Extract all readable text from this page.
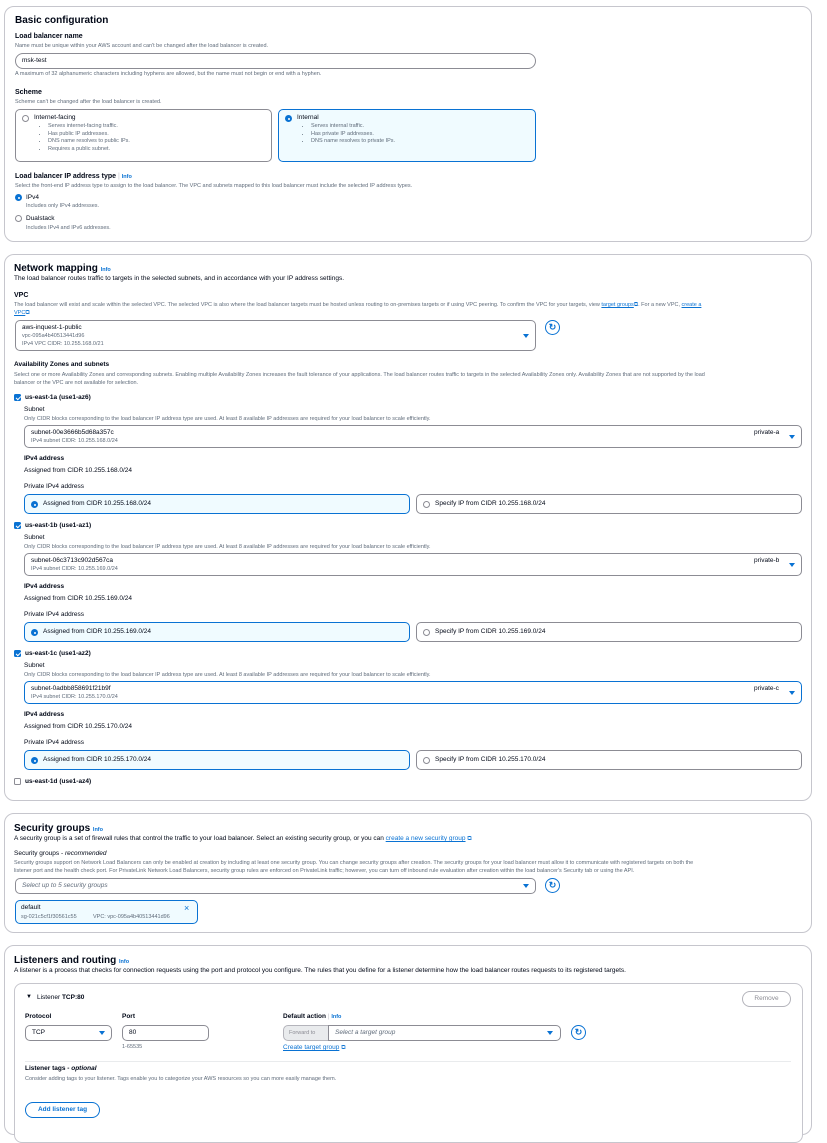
Basic configuration
Load balancer name
Name must be unique within your AWS account and can't be changed after the load balancer is created.
msk-test
A maximum of 32 alphanumeric characters including hyphens are allowed, but the name must not begin or end with a hyphen.
Scheme
Scheme can't be changed after the load balancer is created.
Internet-facing
• Serves internet-facing traffic.
• Has public IP addresses.
• DNS name resolves to public IPs.
• Requires a public subnet.
Internal
• Serves internal traffic.
• Has private IP addresses.
• DNS name resolves to private IPs.
Load balancer IP address type | Info
Select the front-end IP address type to assign to the load balancer. The VPC and subnets mapped to this load balancer must include the selected IP address types.
IPv4
Includes only IPv4 addresses.
Dualstack
Includes IPv4 and IPv6 addresses.
Network mapping Info
The load balancer routes traffic to targets in the selected subnets, and in accordance with your IP address settings.
VPC
The load balancer will exist and scale within the selected VPC. The selected VPC is also where the load balancer targets must be hosted unless routing to on-premises targets or if using VPC peering. To confirm the VPC for your targets, view target groups⧉. For a new VPC, create a
VPC⧉
aws-inquest-1-public
vpc-095a4b40513441d96
IPv4 VPC CIDR: 10.255.168.0/21
↻
Availability Zones and subnets
Select one or more Availability Zones and corresponding subnets. Enabling multiple Availability Zones increases the fault tolerance of your applications. The load balancer routes traffic to targets in the selected Availability Zones only. Availability Zones that are not supported by the load
balancer or the VPC are not available for selection.
us-east-1a (use1-az6)
Subnet
Only CIDR blocks corresponding to the load balancer IP address type are used. At least 8 available IP addresses are required for your load balancer to scale efficiently.
subnet-00e3666b5d68a357c
IPv4 subnet CIDR: 10.255.168.0/24
private-a
IPv4 address
Assigned from CIDR 10.255.168.0/24
Private IPv4 address
Assigned from CIDR 10.255.168.0/24	Specify IP from CIDR 10.255.168.0/24
us-east-1b (use1-az1)
Subnet
Only CIDR blocks corresponding to the load balancer IP address type are used. At least 8 available IP addresses are required for your load balancer to scale efficiently.
subnet-06c3713c902d567ca
IPv4 subnet CIDR: 10.255.169.0/24
private-b
IPv4 address
Assigned from CIDR 10.255.169.0/24
Private IPv4 address
Assigned from CIDR 10.255.169.0/24	Specify IP from CIDR 10.255.169.0/24
us-east-1c (use1-az2)
Subnet
Only CIDR blocks corresponding to the load balancer IP address type are used. At least 8 available IP addresses are required for your load balancer to scale efficiently.
subnet-0adbb858691f21b9f
IPv4 subnet CIDR: 10.255.170.0/24
private-c
IPv4 address
Assigned from CIDR 10.255.170.0/24
Private IPv4 address
Assigned from CIDR 10.255.170.0/24	Specify IP from CIDR 10.255.170.0/24
us-east-1d (use1-az4)
Security groups Info
A security group is a set of firewall rules that control the traffic to your load balancer. Select an existing security group, or you can create a new security group ⧉
Security groups - recommended
Security groups support on Network Load Balancers can only be enabled at creation by including at least one security group. You can change security groups after creation. The security groups for your load balancer must allow it to communicate with registered targets on both the
listener port and the health check port. For PrivateLink Network Load Balancers, security group rules are enforced on PrivateLink traffic; however, you can turn off inbound rule evaluation after creation within the load balancer's Security tab or using the API.
Select up to 5 security groups	↻
default
sg-021c5cf1f30561c55	VPC: vpc-095a4b40513441d96
×
Listeners and routing Info
A listener is a process that checks for connection requests using the port and protocol you configure. The rules that you define for a listener determine how the load balancer routes requests to its registered targets.
▼ Listener TCP:80	Remove
Protocol	Port	Default action | Info
TCP	80
1-65535
Forward to	Select a target group	↻
Create target group ⧉
Listener tags - optional
Consider adding tags to your listener. Tags enable you to categorize your AWS resources so you can more easily manage them.
Add listener tag
